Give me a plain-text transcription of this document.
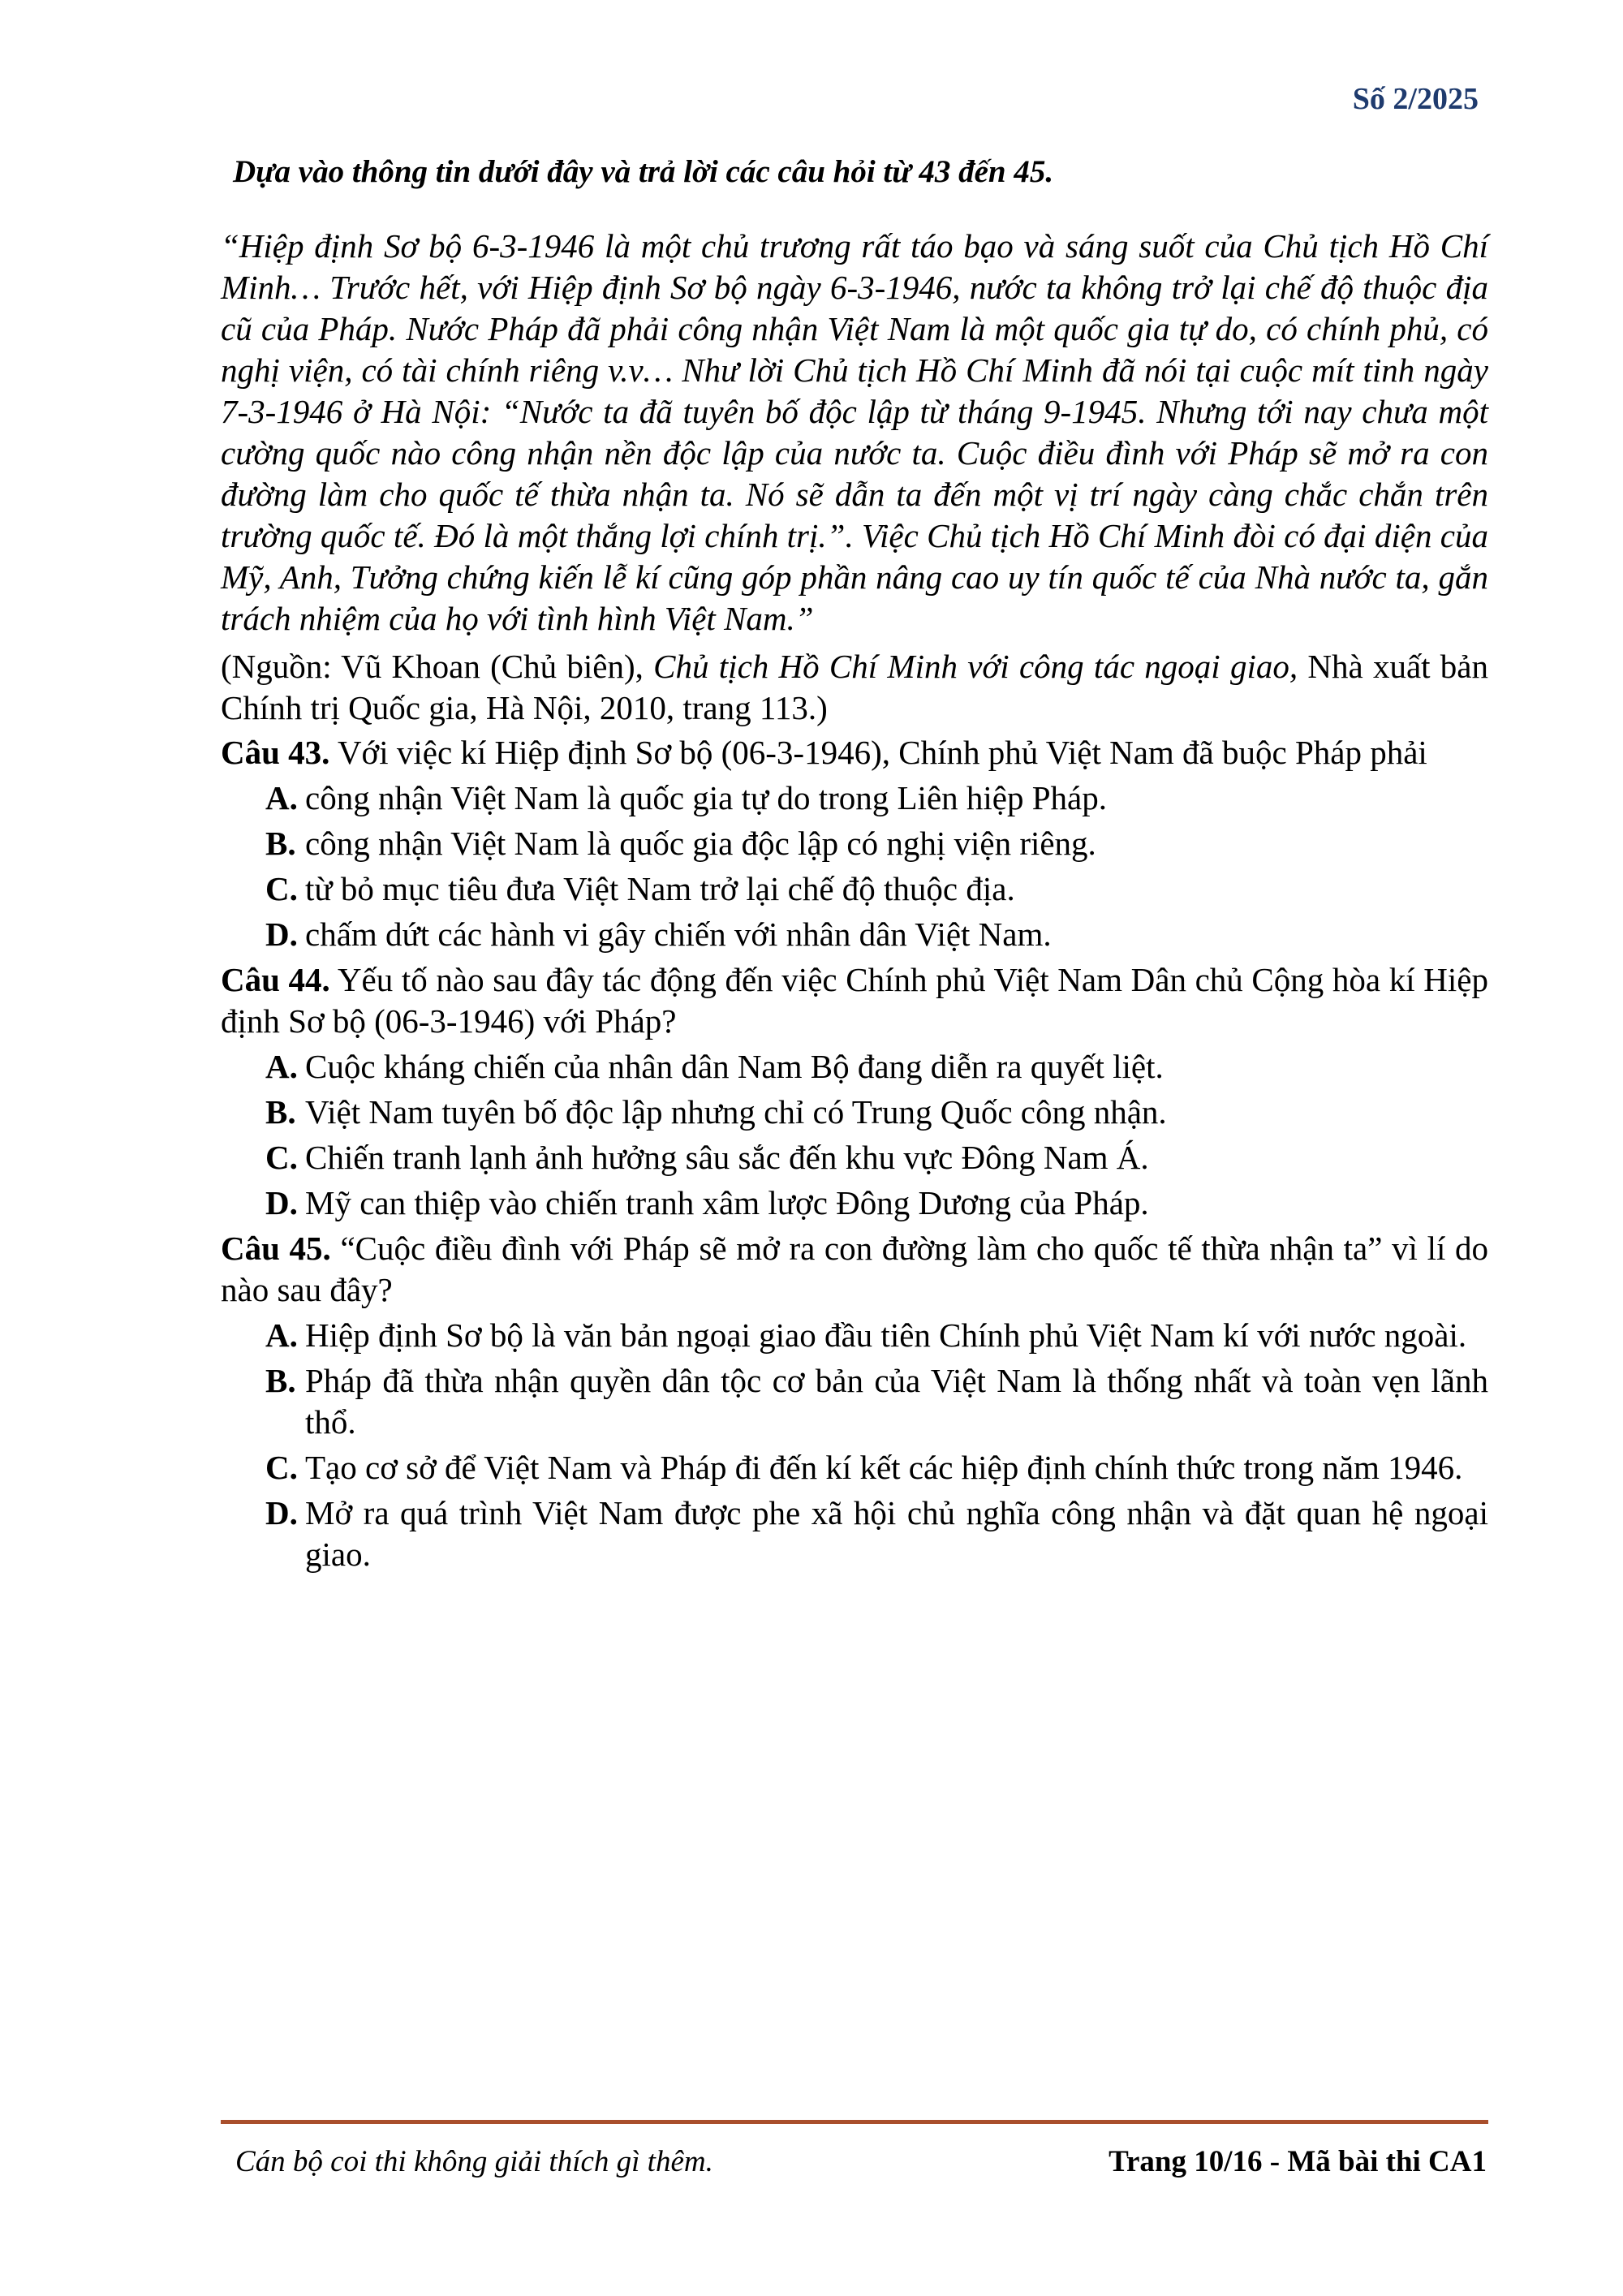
Số 2/2025
Dựa vào thông tin dưới đây và trả lời các câu hỏi từ 43 đến 45.

“Hiệp định Sơ bộ 6-3-1946 là một chủ trương rất táo bạo và sáng suốt của Chủ tịch Hồ Chí Minh… Trước hết, với Hiệp định Sơ bộ ngày 6-3-1946, nước ta không trở lại chế độ thuộc địa cũ của Pháp. Nước Pháp đã phải công nhận Việt Nam là một quốc gia tự do, có chính phủ, có nghị viện, có tài chính riêng v.v… Như lời Chủ tịch Hồ Chí Minh đã nói tại cuộc mít tinh ngày 7-3-1946 ở Hà Nội: “Nước ta đã tuyên bố độc lập từ tháng 9-1945. Nhưng tới nay chưa một cường quốc nào công nhận nền độc lập của nước ta. Cuộc điều đình với Pháp sẽ mở ra con đường làm cho quốc tế thừa nhận ta. Nó sẽ dẫn ta đến một vị trí ngày càng chắc chắn trên trường quốc tế. Đó là một thắng lợi chính trị.”. Việc Chủ tịch Hồ Chí Minh đòi có đại diện của Mỹ, Anh, Tưởng chứng kiến lễ kí cũng góp phần nâng cao uy tín quốc tế của Nhà nước ta, gắn trách nhiệm của họ với tình hình Việt Nam.”

(Nguồn: Vũ Khoan (Chủ biên), Chủ tịch Hồ Chí Minh với công tác ngoại giao, Nhà xuất bản Chính trị Quốc gia, Hà Nội, 2010, trang 113.)

Câu 43. Với việc kí Hiệp định Sơ bộ (06-3-1946), Chính phủ Việt Nam đã buộc Pháp phải

A. công nhận Việt Nam là quốc gia tự do trong Liên hiệp Pháp.
B. công nhận Việt Nam là quốc gia độc lập có nghị viện riêng.
C. từ bỏ mục tiêu đưa Việt Nam trở lại chế độ thuộc địa.
D. chấm dứt các hành vi gây chiến với nhân dân Việt Nam.

Câu 44. Yếu tố nào sau đây tác động đến việc Chính phủ Việt Nam Dân chủ Cộng hòa kí Hiệp định Sơ bộ (06-3-1946) với Pháp?

A. Cuộc kháng chiến của nhân dân Nam Bộ đang diễn ra quyết liệt.
B. Việt Nam tuyên bố độc lập nhưng chỉ có Trung Quốc công nhận.
C. Chiến tranh lạnh ảnh hưởng sâu sắc đến khu vực Đông Nam Á.
D. Mỹ can thiệp vào chiến tranh xâm lược Đông Dương của Pháp.

Câu 45. “Cuộc điều đình với Pháp sẽ mở ra con đường làm cho quốc tế thừa nhận ta” vì lí do nào sau đây?

A. Hiệp định Sơ bộ là văn bản ngoại giao đầu tiên Chính phủ Việt Nam kí với nước ngoài.
B. Pháp đã thừa nhận quyền dân tộc cơ bản của Việt Nam là thống nhất và toàn vẹn lãnh thổ.
C. Tạo cơ sở để Việt Nam và Pháp đi đến kí kết các hiệp định chính thức trong năm 1946.
D. Mở ra quá trình Việt Nam được phe xã hội chủ nghĩa công nhận và đặt quan hệ ngoại giao.
Cán bộ coi thi không giải thích gì thêm.	Trang 10/16 - Mã bài thi CA1
